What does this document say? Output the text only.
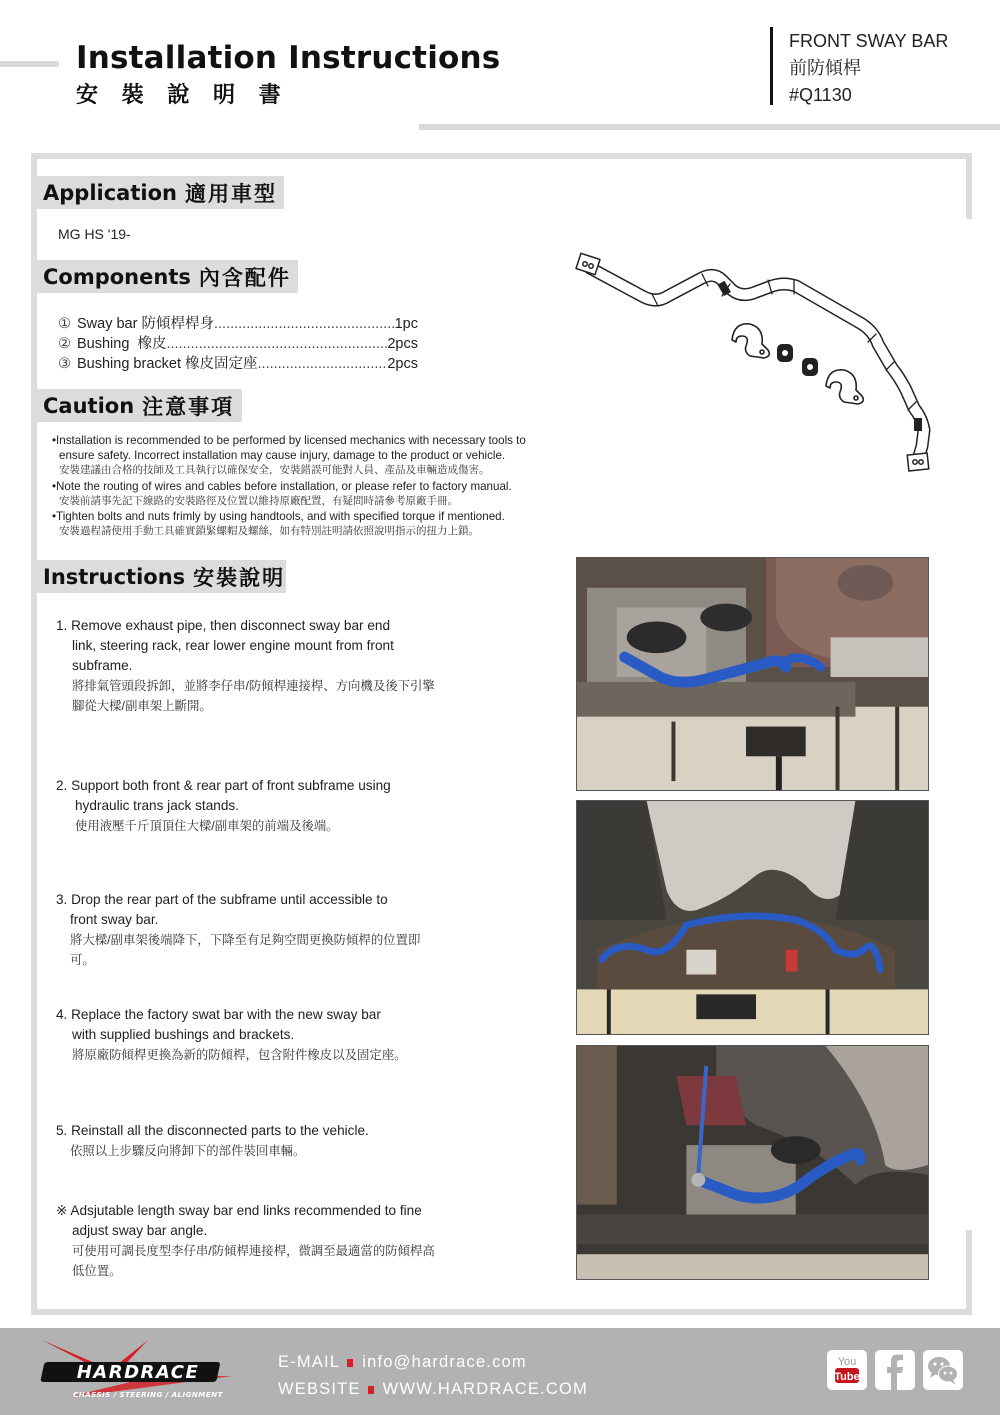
Installation Instructions
安 裝 說 明 書
FRONT SWAY BAR
前防傾桿
#Q1130
Application 適用車型
MG HS '19-
Components 內含配件
① Sway bar 防傾桿桿身 .....	1pc
② Bushing  橡皮 .....	2pcs
③ Bushing bracket 橡皮固定座 .....	2pcs
Caution 注意事項
•Installation is recommended to be performed by licensed mechanics with necessary tools to ensure safety. Incorrect installation may cause injury, damage to the product or vehicle.
安裝建議由合格的技師及工具執行以確保安全，安裝錯誤可能對人員、產品及車輛造成傷害。
•Note the routing of wires and cables before installation, or please refer to factory manual.
安裝前請事先記下線路的安裝路徑及位置以維持原廠配置，有疑問時請參考原廠手冊。
•Tighten bolts and nuts frimly by using handtools, and with specified torque if mentioned.
安裝過程請使用手動工具確實鎖緊螺帽及螺絲，如有特別註明請依照說明指示的扭力上鎖。
Instructions 安裝說明
1. Remove exhaust pipe, then disconnect sway bar end
link, steering rack, rear lower engine mount from front subframe.
將排氣管頭段拆卸，並將李仔串/防傾桿連接桿、方向機及後下引擎腳從大樑/副車架上斷開。
2. Support both front & rear part of front subframe using
hydraulic trans jack stands.
使用液壓千斤頂頂住大樑/副車架的前端及後端。
3. Drop the rear part of the subframe until accessible to
front sway bar.
將大樑/副車架後端降下，下降至有足夠空間更換防傾桿的位置即可。
4. Replace the factory swat bar with the new sway bar
with supplied bushings and brackets.
將原廠防傾桿更換為新的防傾桿，包含附件橡皮以及固定座。
5. Reinstall all the disconnected parts to the vehicle.
依照以上步驟反向將卸下的部件裝回車輛。
※ Adsjutable length sway bar end links recommended to fine
adjust sway bar angle.
可使用可調長度型李仔串/防傾桿連接桿，微調至最適當的防傾桿高低位置。
HARDRACE
CHASSIS / STEERING / ALIGNMENT
E-MAIL info@hardrace.com
WEBSITE WWW.HARDRACE.COM
You
Tube
